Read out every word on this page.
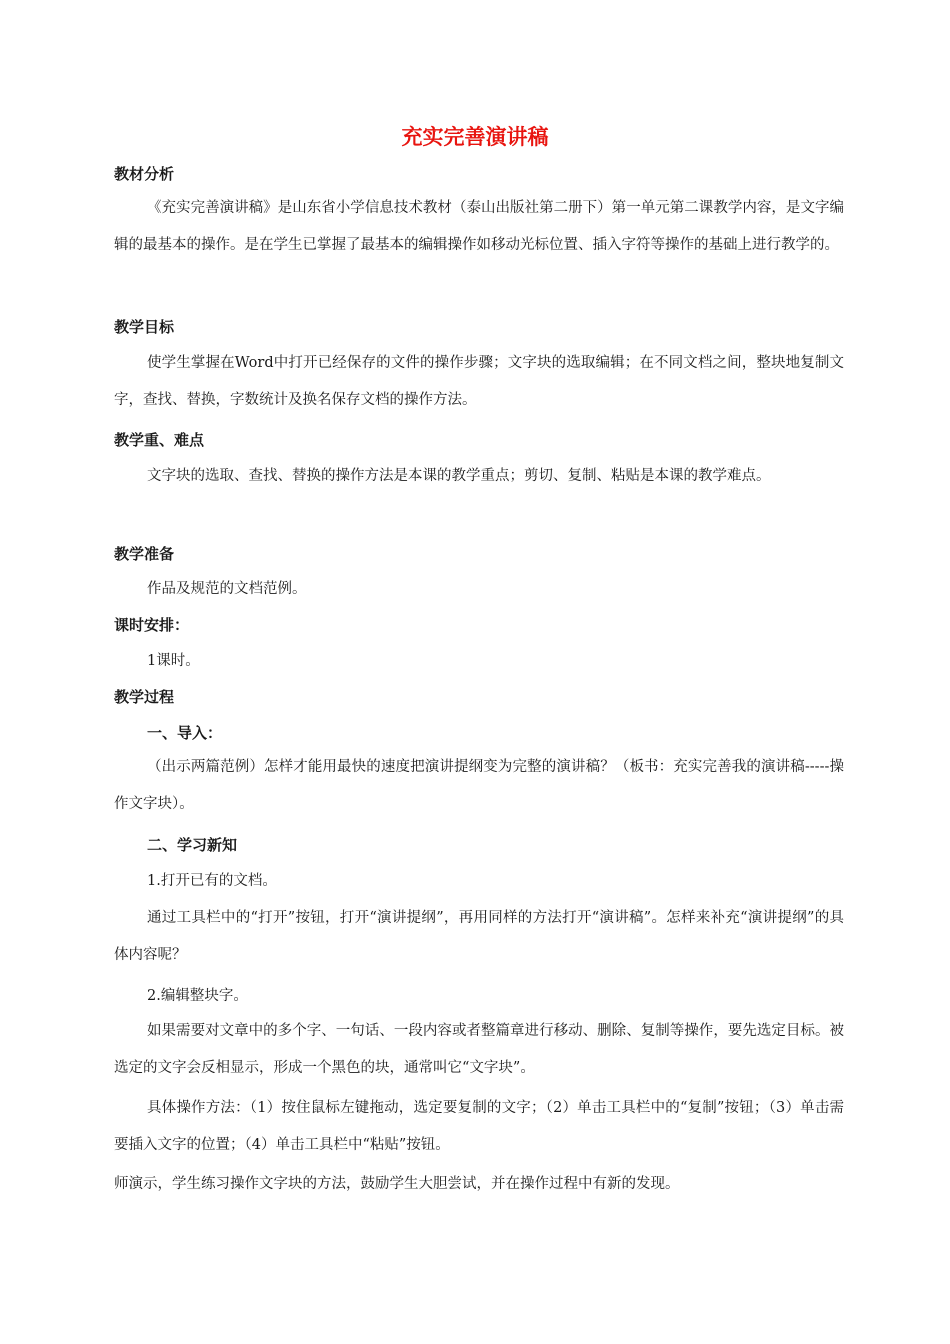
充实完善演讲稿
教材分析

《充实完善演讲稿》是山东省小学信息技术教材（泰山出版社第二册下）第一单元第二课教学内容，是文字编辑的最基本的操作。是在学生已掌握了最基本的编辑操作如移动光标位置、插入字符等操作的基础上进行教学的。

教学目标

使学生掌握在Word中打开已经保存的文件的操作步骤；文字块的选取编辑；在不同文档之间，整块地复制文字，查找、替换，字数统计及换名保存文档的操作方法。

教学重、难点

文字块的选取、查找、替换的操作方法是本课的教学重点；剪切、复制、粘贴是本课的教学难点。

教学准备

作品及规范的文档范例。

课时安排：

1课时。

教学过程
一、导入：

（出示两篇范例）怎样才能用最快的速度把演讲提纲变为完整的演讲稿？（板书：充实完善我的演讲稿-----操作文字块）。

二、学习新知

1.打开已有的文档。

通过工具栏中的“打开”按钮，打开“演讲提纲”，再用同样的方法打开“演讲稿”。怎样来补充“演讲提纲”的具体内容呢？

2.编辑整块字。

如果需要对文章中的多个字、一句话、一段内容或者整篇章进行移动、删除、复制等操作，要先选定目标。被选定的文字会反相显示，形成一个黑色的块，通常叫它“文字块”。

具体操作方法：（1）按住鼠标左键拖动，选定要复制的文字；（2）单击工具栏中的“复制”按钮；（3）单击需要插入文字的位置；（4）单击工具栏中“粘贴”按钮。

师演示，学生练习操作文字块的方法，鼓励学生大胆尝试，并在操作过程中有新的发现。
